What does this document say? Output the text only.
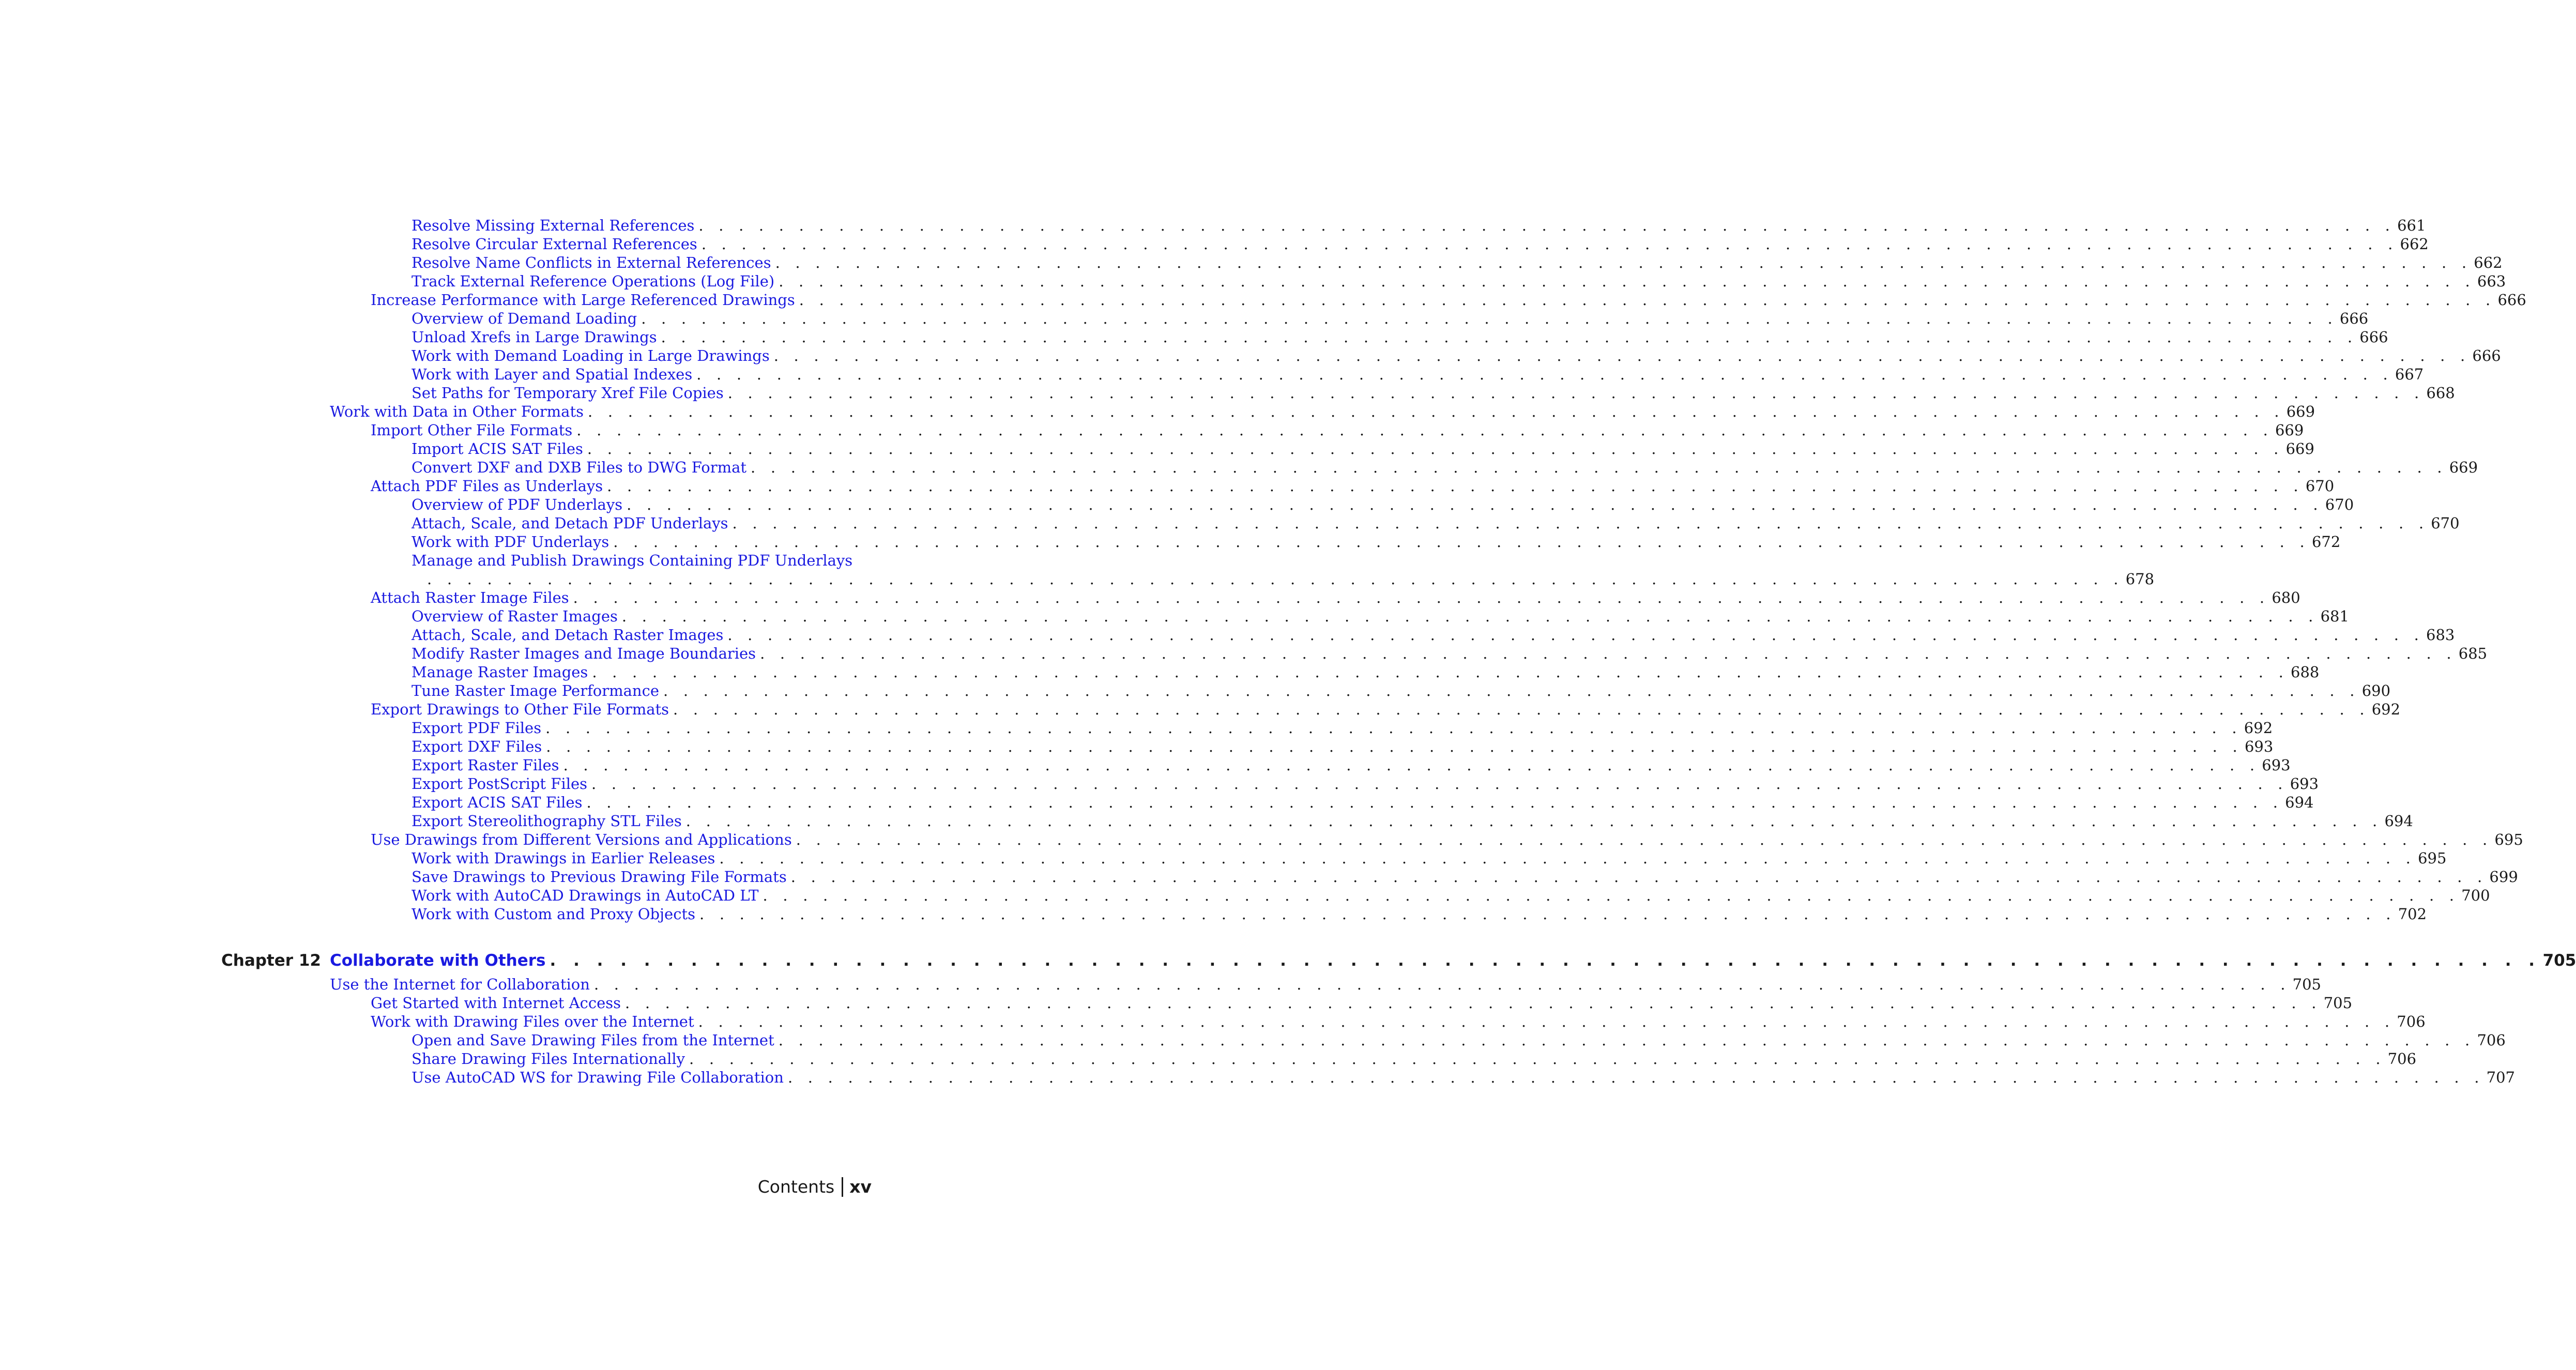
Resolve Missing External References . . . . . . . . . . . . . . . . . . . . . . . . . . . . . . . . . . . . . . . . . . . . . . . . . . . . . . . . . . . . . . . . . . . . . . . . . . . . . . . . . . . . . 661
Resolve Circular External References . . . . . . . . . . . . . . . . . . . . . . . . . . . . . . . . . . . . . . . . . . . . . . . . . . . . . . . . . . . . . . . . . . . . . . . . . . . . . . . . . . . . . 662
Resolve Name Conflicts in External References . . . . . . . . . . . . . . . . . . . . . . . . . . . . . . . . . . . . . . . . . . . . . . . . . . . . . . . . . . . . . . . . . . . . . . . . . . . . . . . . . . . . . 662
Track External Reference Operations (Log File) . . . . . . . . . . . . . . . . . . . . . . . . . . . . . . . . . . . . . . . . . . . . . . . . . . . . . . . . . . . . . . . . . . . . . . . . . . . . . . . . . . . . . 663
Increase Performance with Large Referenced Drawings . . . . . . . . . . . . . . . . . . . . . . . . . . . . . . . . . . . . . . . . . . . . . . . . . . . . . . . . . . . . . . . . . . . . . . . . . . . . . . . . . . . . . 666
Overview of Demand Loading . . . . . . . . . . . . . . . . . . . . . . . . . . . . . . . . . . . . . . . . . . . . . . . . . . . . . . . . . . . . . . . . . . . . . . . . . . . . . . . . . . . . . 666
Unload Xrefs in Large Drawings . . . . . . . . . . . . . . . . . . . . . . . . . . . . . . . . . . . . . . . . . . . . . . . . . . . . . . . . . . . . . . . . . . . . . . . . . . . . . . . . . . . . . 666
Work with Demand Loading in Large Drawings . . . . . . . . . . . . . . . . . . . . . . . . . . . . . . . . . . . . . . . . . . . . . . . . . . . . . . . . . . . . . . . . . . . . . . . . . . . . . . . . . . . . . 666
Work with Layer and Spatial Indexes . . . . . . . . . . . . . . . . . . . . . . . . . . . . . . . . . . . . . . . . . . . . . . . . . . . . . . . . . . . . . . . . . . . . . . . . . . . . . . . . . . . . . 667
Set Paths for Temporary Xref File Copies . . . . . . . . . . . . . . . . . . . . . . . . . . . . . . . . . . . . . . . . . . . . . . . . . . . . . . . . . . . . . . . . . . . . . . . . . . . . . . . . . . . . . 668
Work with Data in Other Formats . . . . . . . . . . . . . . . . . . . . . . . . . . . . . . . . . . . . . . . . . . . . . . . . . . . . . . . . . . . . . . . . . . . . . . . . . . . . . . . . . . . . . 669
Import Other File Formats . . . . . . . . . . . . . . . . . . . . . . . . . . . . . . . . . . . . . . . . . . . . . . . . . . . . . . . . . . . . . . . . . . . . . . . . . . . . . . . . . . . . . 669
Import ACIS SAT Files . . . . . . . . . . . . . . . . . . . . . . . . . . . . . . . . . . . . . . . . . . . . . . . . . . . . . . . . . . . . . . . . . . . . . . . . . . . . . . . . . . . . . 669
Convert DXF and DXB Files to DWG Format . . . . . . . . . . . . . . . . . . . . . . . . . . . . . . . . . . . . . . . . . . . . . . . . . . . . . . . . . . . . . . . . . . . . . . . . . . . . . . . . . . . . . 669
Attach PDF Files as Underlays . . . . . . . . . . . . . . . . . . . . . . . . . . . . . . . . . . . . . . . . . . . . . . . . . . . . . . . . . . . . . . . . . . . . . . . . . . . . . . . . . . . . . 670
Overview of PDF Underlays . . . . . . . . . . . . . . . . . . . . . . . . . . . . . . . . . . . . . . . . . . . . . . . . . . . . . . . . . . . . . . . . . . . . . . . . . . . . . . . . . . . . . 670
Attach, Scale, and Detach PDF Underlays . . . . . . . . . . . . . . . . . . . . . . . . . . . . . . . . . . . . . . . . . . . . . . . . . . . . . . . . . . . . . . . . . . . . . . . . . . . . . . . . . . . . . 670
Work with PDF Underlays . . . . . . . . . . . . . . . . . . . . . . . . . . . . . . . . . . . . . . . . . . . . . . . . . . . . . . . . . . . . . . . . . . . . . . . . . . . . . . . . . . . . . 672
Manage and Publish Drawings Containing PDF Underlays
. . . . . . . . . . . . . . . . . . . . . . . . . . . . . . . . . . . . . . . . . . . . . . . . . . . . . . . . . . . . . . . . . . . . . . . . . . . . . . . . . . . . . 678
Attach Raster Image Files . . . . . . . . . . . . . . . . . . . . . . . . . . . . . . . . . . . . . . . . . . . . . . . . . . . . . . . . . . . . . . . . . . . . . . . . . . . . . . . . . . . . . 680
Overview of Raster Images . . . . . . . . . . . . . . . . . . . . . . . . . . . . . . . . . . . . . . . . . . . . . . . . . . . . . . . . . . . . . . . . . . . . . . . . . . . . . . . . . . . . . 681
Attach, Scale, and Detach Raster Images . . . . . . . . . . . . . . . . . . . . . . . . . . . . . . . . . . . . . . . . . . . . . . . . . . . . . . . . . . . . . . . . . . . . . . . . . . . . . . . . . . . . . 683
Modify Raster Images and Image Boundaries . . . . . . . . . . . . . . . . . . . . . . . . . . . . . . . . . . . . . . . . . . . . . . . . . . . . . . . . . . . . . . . . . . . . . . . . . . . . . . . . . . . . . 685
Manage Raster Images . . . . . . . . . . . . . . . . . . . . . . . . . . . . . . . . . . . . . . . . . . . . . . . . . . . . . . . . . . . . . . . . . . . . . . . . . . . . . . . . . . . . . 688
Tune Raster Image Performance . . . . . . . . . . . . . . . . . . . . . . . . . . . . . . . . . . . . . . . . . . . . . . . . . . . . . . . . . . . . . . . . . . . . . . . . . . . . . . . . . . . . . 690
Export Drawings to Other File Formats . . . . . . . . . . . . . . . . . . . . . . . . . . . . . . . . . . . . . . . . . . . . . . . . . . . . . . . . . . . . . . . . . . . . . . . . . . . . . . . . . . . . . 692
Export PDF Files . . . . . . . . . . . . . . . . . . . . . . . . . . . . . . . . . . . . . . . . . . . . . . . . . . . . . . . . . . . . . . . . . . . . . . . . . . . . . . . . . . . . . 692
Export DXF Files . . . . . . . . . . . . . . . . . . . . . . . . . . . . . . . . . . . . . . . . . . . . . . . . . . . . . . . . . . . . . . . . . . . . . . . . . . . . . . . . . . . . . 693
Export Raster Files . . . . . . . . . . . . . . . . . . . . . . . . . . . . . . . . . . . . . . . . . . . . . . . . . . . . . . . . . . . . . . . . . . . . . . . . . . . . . . . . . . . . . 693
Export PostScript Files . . . . . . . . . . . . . . . . . . . . . . . . . . . . . . . . . . . . . . . . . . . . . . . . . . . . . . . . . . . . . . . . . . . . . . . . . . . . . . . . . . . . . 693
Export ACIS SAT Files . . . . . . . . . . . . . . . . . . . . . . . . . . . . . . . . . . . . . . . . . . . . . . . . . . . . . . . . . . . . . . . . . . . . . . . . . . . . . . . . . . . . . 694
Export Stereolithography STL Files . . . . . . . . . . . . . . . . . . . . . . . . . . . . . . . . . . . . . . . . . . . . . . . . . . . . . . . . . . . . . . . . . . . . . . . . . . . . . . . . . . . . . 694
Use Drawings from Different Versions and Applications . . . . . . . . . . . . . . . . . . . . . . . . . . . . . . . . . . . . . . . . . . . . . . . . . . . . . . . . . . . . . . . . . . . . . . . . . . . . . . . . . . . . . 695
Work with Drawings in Earlier Releases . . . . . . . . . . . . . . . . . . . . . . . . . . . . . . . . . . . . . . . . . . . . . . . . . . . . . . . . . . . . . . . . . . . . . . . . . . . . . . . . . . . . . 695
Save Drawings to Previous Drawing File Formats . . . . . . . . . . . . . . . . . . . . . . . . . . . . . . . . . . . . . . . . . . . . . . . . . . . . . . . . . . . . . . . . . . . . . . . . . . . . . . . . . . . . . 699
Work with AutoCAD Drawings in AutoCAD LT . . . . . . . . . . . . . . . . . . . . . . . . . . . . . . . . . . . . . . . . . . . . . . . . . . . . . . . . . . . . . . . . . . . . . . . . . . . . . . . . . . . . . 700
Work with Custom and Proxy Objects . . . . . . . . . . . . . . . . . . . . . . . . . . . . . . . . . . . . . . . . . . . . . . . . . . . . . . . . . . . . . . . . . . . . . . . . . . . . . . . . . . . . . 702
Chapter 12 Collaborate with Others . . . . . . . . . . . . . . . . . . . . . . . . . . . . . . . . . . . . . . . . . . . . . . . . . . . . . . . . . . . . . . . . . . . . . . . . . . . . . . . . . . . . . 705
Use the Internet for Collaboration . . . . . . . . . . . . . . . . . . . . . . . . . . . . . . . . . . . . . . . . . . . . . . . . . . . . . . . . . . . . . . . . . . . . . . . . . . . . . . . . . . . . . 705
Get Started with Internet Access . . . . . . . . . . . . . . . . . . . . . . . . . . . . . . . . . . . . . . . . . . . . . . . . . . . . . . . . . . . . . . . . . . . . . . . . . . . . . . . . . . . . . 705
Work with Drawing Files over the Internet . . . . . . . . . . . . . . . . . . . . . . . . . . . . . . . . . . . . . . . . . . . . . . . . . . . . . . . . . . . . . . . . . . . . . . . . . . . . . . . . . . . . . 706
Open and Save Drawing Files from the Internet . . . . . . . . . . . . . . . . . . . . . . . . . . . . . . . . . . . . . . . . . . . . . . . . . . . . . . . . . . . . . . . . . . . . . . . . . . . . . . . . . . . . . 706
Share Drawing Files Internationally . . . . . . . . . . . . . . . . . . . . . . . . . . . . . . . . . . . . . . . . . . . . . . . . . . . . . . . . . . . . . . . . . . . . . . . . . . . . . . . . . . . . . 706
Use AutoCAD WS for Drawing File Collaboration . . . . . . . . . . . . . . . . . . . . . . . . . . . . . . . . . . . . . . . . . . . . . . . . . . . . . . . . . . . . . . . . . . . . . . . . . . . . . . . . . . . . . 707
Contents xv
